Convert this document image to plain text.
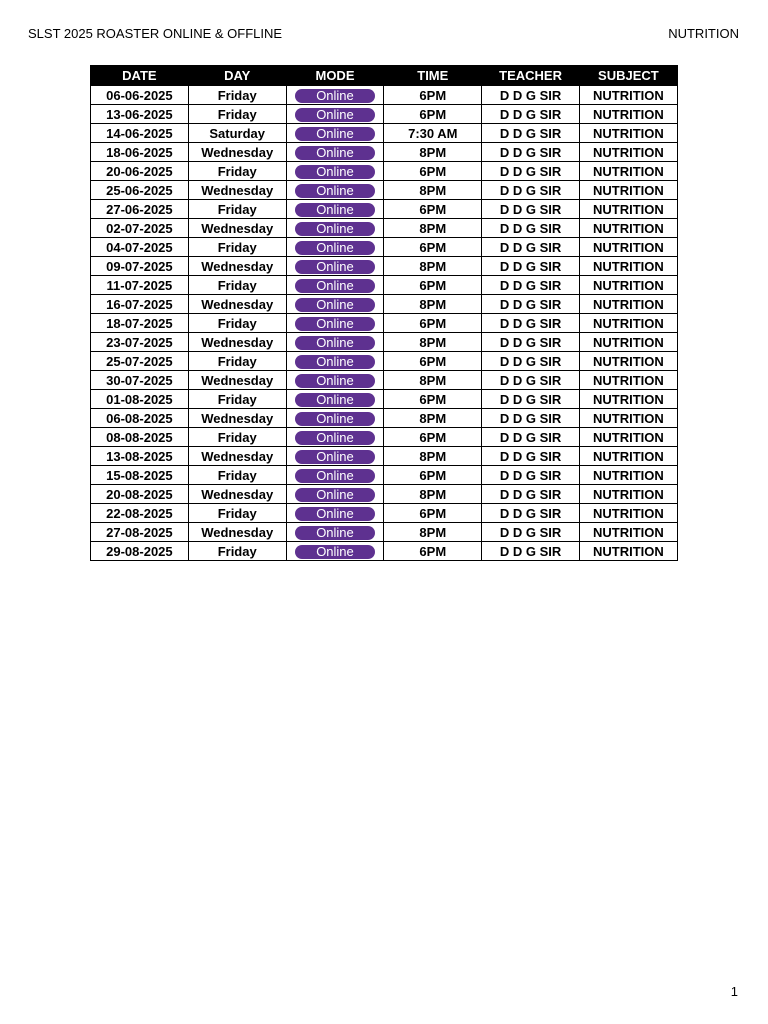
SLST 2025 ROASTER ONLINE & OFFLINE	NUTRITION
DATE	DAY	MODE	TIME	TEACHER	SUBJECT
06-06-2025	Friday	Online	6PM	D D G SIR	NUTRITION
13-06-2025	Friday	Online	6PM	D D G SIR	NUTRITION
14-06-2025	Saturday	Online	7:30 AM	D D G SIR	NUTRITION
18-06-2025	Wednesday	Online	8PM	D D G SIR	NUTRITION
20-06-2025	Friday	Online	6PM	D D G SIR	NUTRITION
25-06-2025	Wednesday	Online	8PM	D D G SIR	NUTRITION
27-06-2025	Friday	Online	6PM	D D G SIR	NUTRITION
02-07-2025	Wednesday	Online	8PM	D D G SIR	NUTRITION
04-07-2025	Friday	Online	6PM	D D G SIR	NUTRITION
09-07-2025	Wednesday	Online	8PM	D D G SIR	NUTRITION
11-07-2025	Friday	Online	6PM	D D G SIR	NUTRITION
16-07-2025	Wednesday	Online	8PM	D D G SIR	NUTRITION
18-07-2025	Friday	Online	6PM	D D G SIR	NUTRITION
23-07-2025	Wednesday	Online	8PM	D D G SIR	NUTRITION
25-07-2025	Friday	Online	6PM	D D G SIR	NUTRITION
30-07-2025	Wednesday	Online	8PM	D D G SIR	NUTRITION
01-08-2025	Friday	Online	6PM	D D G SIR	NUTRITION
06-08-2025	Wednesday	Online	8PM	D D G SIR	NUTRITION
08-08-2025	Friday	Online	6PM	D D G SIR	NUTRITION
13-08-2025	Wednesday	Online	8PM	D D G SIR	NUTRITION
15-08-2025	Friday	Online	6PM	D D G SIR	NUTRITION
20-08-2025	Wednesday	Online	8PM	D D G SIR	NUTRITION
22-08-2025	Friday	Online	6PM	D D G SIR	NUTRITION
27-08-2025	Wednesday	Online	8PM	D D G SIR	NUTRITION
29-08-2025	Friday	Online	6PM	D D G SIR	NUTRITION
1
